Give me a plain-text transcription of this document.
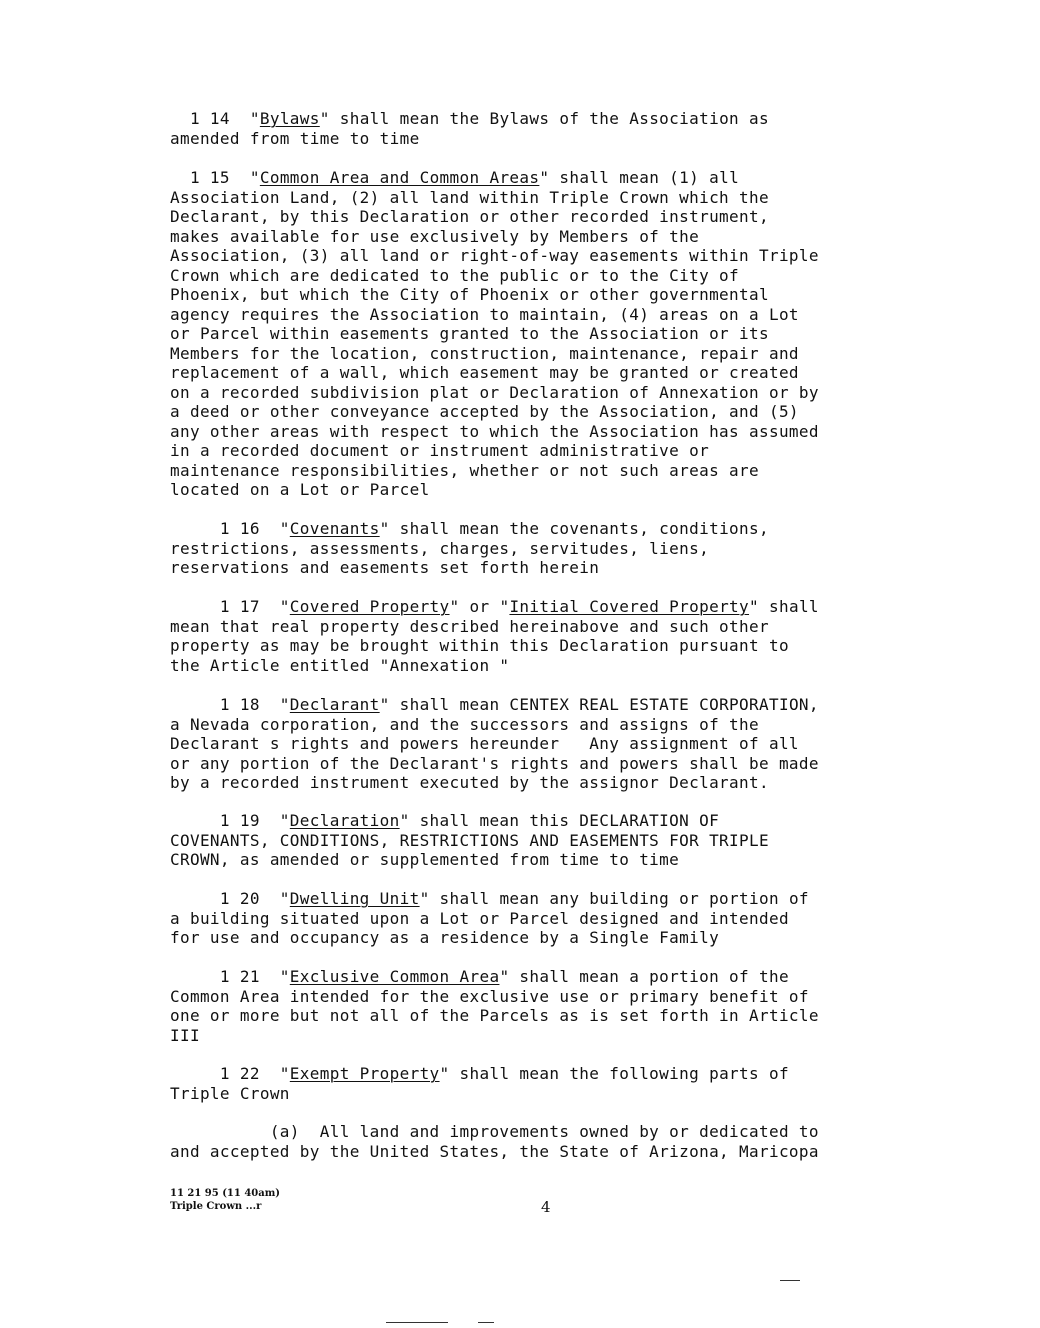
1 14  "Bylaws" shall mean the Bylaws of the Association as
amended from time to time
1 15  "Common Area and Common Areas" shall mean (1) all
Association Land, (2) all land within Triple Crown which the
Declarant, by this Declaration or other recorded instrument,
makes available for use exclusively by Members of the
Association, (3) all land or right-of-way easements within Triple
Crown which are dedicated to the public or to the City of
Phoenix, but which the City of Phoenix or other governmental
agency requires the Association to maintain, (4) areas on a Lot
or Parcel within easements granted to the Association or its
Members for the location, construction, maintenance, repair and
replacement of a wall, which easement may be granted or created
on a recorded subdivision plat or Declaration of Annexation or by
a deed or other conveyance accepted by the Association, and (5)
any other areas with respect to which the Association has assumed
in a recorded document or instrument administrative or
maintenance responsibilities, whether or not such areas are
located on a Lot or Parcel
1 16  "Covenants" shall mean the covenants, conditions,
restrictions, assessments, charges, servitudes, liens,
reservations and easements set forth herein
1 17  "Covered Property" or "Initial Covered Property" shall
mean that real property described hereinabove and such other
property as may be brought within this Declaration pursuant to
the Article entitled "Annexation "
1 18  "Declarant" shall mean CENTEX REAL ESTATE CORPORATION,
a Nevada corporation, and the successors and assigns of the
Declarant s rights and powers hereunder   Any assignment of all
or any portion of the Declarant's rights and powers shall be made
by a recorded instrument executed by the assignor Declarant.
1 19  "Declaration" shall mean this DECLARATION OF
COVENANTS, CONDITIONS, RESTRICTIONS AND EASEMENTS FOR TRIPLE
CROWN, as amended or supplemented from time to time
1 20  "Dwelling Unit" shall mean any building or portion of
a building situated upon a Lot or Parcel designed and intended
for use and occupancy as a residence by a Single Family
1 21  "Exclusive Common Area" shall mean a portion of the
Common Area intended for the exclusive use or primary benefit of
one or more but not all of the Parcels as is set forth in Article
III
1 22  "Exempt Property" shall mean the following parts of
Triple Crown
(a)  All land and improvements owned by or dedicated to
and accepted by the United States, the State of Arizona, Maricopa
11 21 95 (11 40am)
Triple Crown ...r	4
